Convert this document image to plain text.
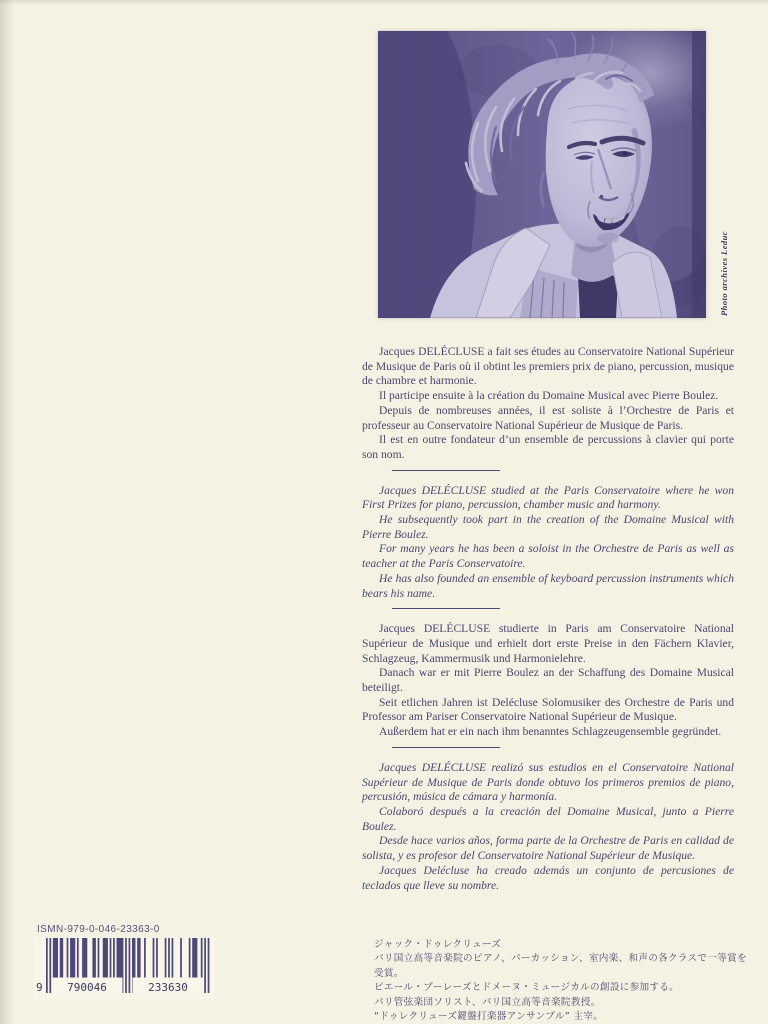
Photo archives Leduc

Jacques DELÉCLUSE a fait ses études au Conservatoire National Supérieur de Musique de Paris où il obtint les premiers prix de piano, percussion, musique de chambre et harmonie.

Il participe ensuite à la création du Domaine Musical avec Pierre Boulez.

Depuis de nombreuses années, il est soliste à l’Orchestre de Paris et professeur au Conservatoire National Supérieur de Musique de Paris.

Il est en outre fondateur d’un ensemble de percussions à clavier qui porte son nom.

Jacques DELÉCLUSE studied at the Paris Conservatoire where he won First Prizes for piano, percussion, chamber music and harmony.

He subsequently took part in the creation of the Domaine Musical with Pierre Boulez.

For many years he has been a soloist in the Orchestre de Paris as well as teacher at the Paris Conservatoire.

He has also founded an ensemble of keyboard percussion instruments which bears his name.

Jacques DELÉCLUSE studierte in Paris am Conservatoire National Supérieur de Musique und erhielt dort erste Preise in den Fächern Klavier, Schlagzeug, Kammermusik und Harmonielehre.

Danach war er mit Pierre Boulez an der Schaffung des Domaine Musical beteiligt.

Seit etlichen Jahren ist Delécluse Solomusiker des Orchestre de Paris und Professor am Pariser Conservatoire National Supérieur de Musique.

Außerdem hat er ein nach ihm benanntes Schlagzeugensemble gegründet.

Jacques DELÉCLUSE realizó sus estudios en el Conservatoire National Supérieur de Musique de Paris donde obtuvo los primeros premios de piano, percusión, música de cámara y harmonía.

Colaboró después a la creación del Domaine Musical, junto a Pierre Boulez.

Desde hace varios años, forma parte de la Orchestre de Paris en calidad de solista, y es profesor del Conservatoire National Supérieur de Musique.

Jacques Delécluse ha creado además un conjunto de percusiones de teclados que lleve su nombre.

ISMN-979-0-046-23363-0
9 790046	233630
ジャック・ドゥレクリューズ
パリ国立高等音楽院のピアノ、パーカッション、室内楽、和声の各クラスで一等賞を受賞。
ピエール・ブーレーズとドメーヌ・ミュージカルの創設に参加する。
パリ管弦楽団ソリスト、パリ国立高等音楽院教授。
“ドゥレクリューズ鍵盤打楽器アンサンブル” 主宰。
